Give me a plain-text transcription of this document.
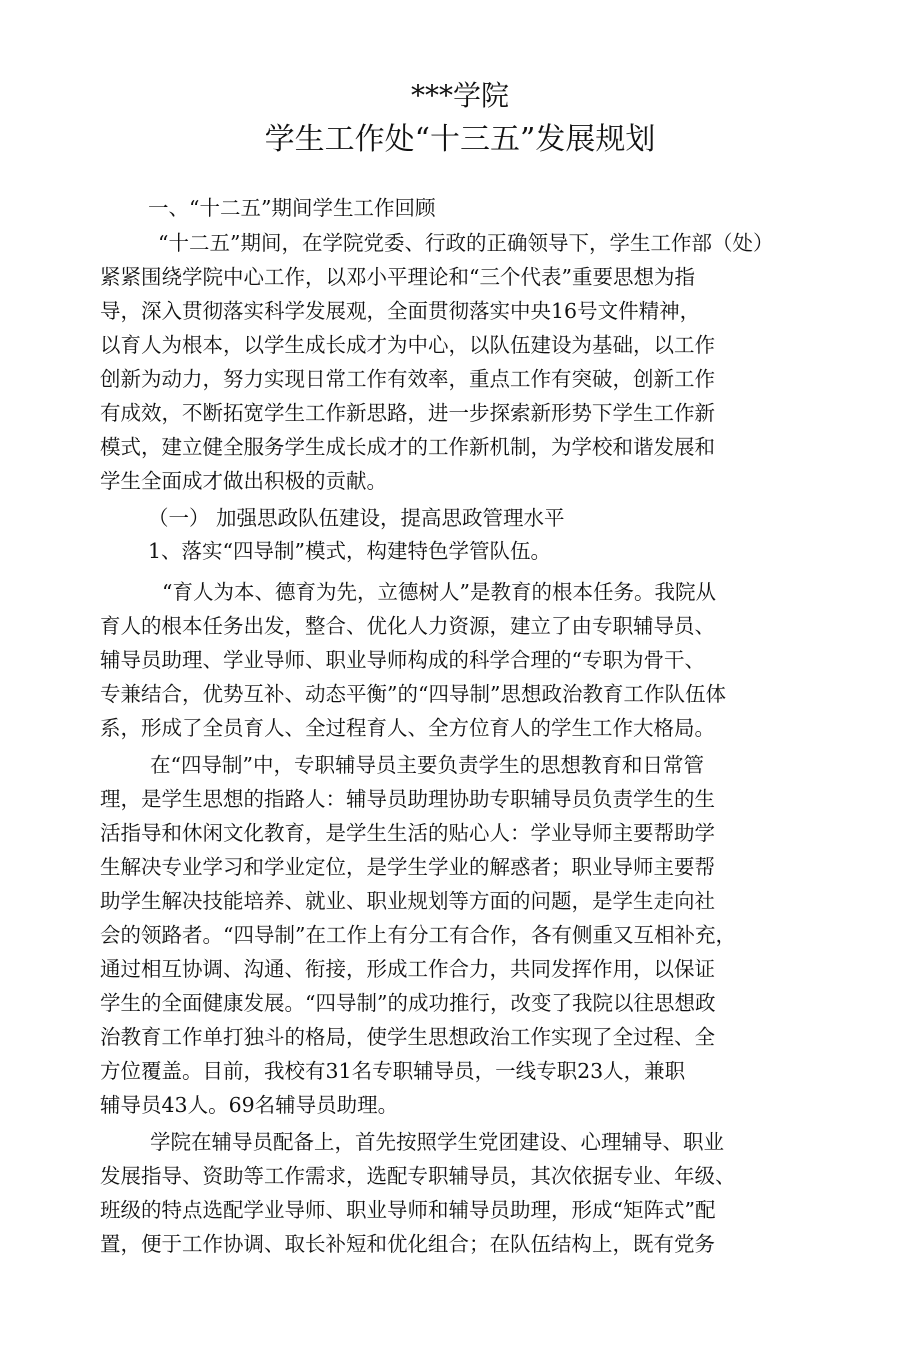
***学院
学生工作处“十三五”发展规划
一、“十二五”期间学生工作回顾
“十二五”期间，在学院党委、行政的正确领导下，学生工作部（处）
紧紧围绕学院中心工作，以邓小平理论和“三个代表”重要思想为指
导，深入贯彻落实科学发展观，全面贯彻落实中央16号文件精神，
以育人为根本，以学生成长成才为中心，以队伍建设为基础，以工作
创新为动力，努力实现日常工作有效率，重点工作有突破，创新工作
有成效，不断拓宽学生工作新思路，进一步探索新形势下学生工作新
模式，建立健全服务学生成长成才的工作新机制，为学校和谐发展和
学生全面成才做出积极的贡献。
（一） 加强思政队伍建设，提高思政管理水平
1、落实“四导制”模式，构建特色学管队伍。
“育人为本、德育为先，立德树人”是教育的根本任务。我院从
育人的根本任务出发，整合、优化人力资源，建立了由专职辅导员、
辅导员助理、学业导师、职业导师构成的科学合理的“专职为骨干、
专兼结合，优势互补、动态平衡”的“四导制”思想政治教育工作队伍体
系，形成了全员育人、全过程育人、全方位育人的学生工作大格局。
在“四导制”中，专职辅导员主要负责学生的思想教育和日常管
理，是学生思想的指路人：辅导员助理协助专职辅导员负责学生的生
活指导和休闲文化教育，是学生生活的贴心人：学业导师主要帮助学
生解决专业学习和学业定位，是学生学业的解惑者；职业导师主要帮
助学生解决技能培养、就业、职业规划等方面的问题，是学生走向社
会的领路者。“四导制”在工作上有分工有合作，各有侧重又互相补充，
通过相互协调、沟通、衔接，形成工作合力，共同发挥作用，以保证
学生的全面健康发展。“四导制”的成功推行，改变了我院以往思想政
治教育工作单打独斗的格局，使学生思想政治工作实现了全过程、全
方位覆盖。目前，我校有31名专职辅导员，一线专职23人，兼职
辅导员43人。69名辅导员助理。
学院在辅导员配备上，首先按照学生党团建设、心理辅导、职业
发展指导、资助等工作需求，选配专职辅导员，其次依据专业、年级、
班级的特点选配学业导师、职业导师和辅导员助理，形成“矩阵式”配
置，便于工作协调、取长补短和优化组合；在队伍结构上，既有党务
